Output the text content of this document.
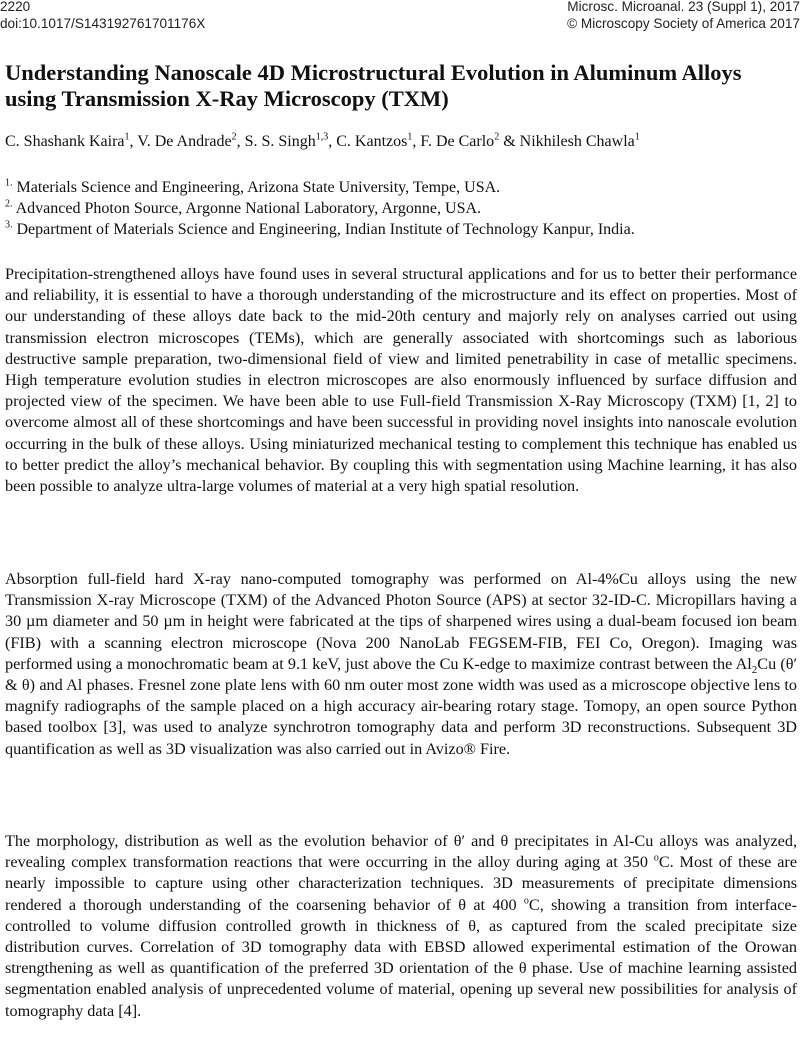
2220
doi:10.1017/S143192761701176X
Microsc. Microanal. 23 (Suppl 1), 2017
© Microscopy Society of America 2017
Understanding Nanoscale 4D Microstructural Evolution in Aluminum Alloys using Transmission X-Ray Microscopy (TXM)
C. Shashank Kaira$^1$, V. De Andrade$^2$, S. S. Singh$^{1,3}$, C. Kantzos$^1$, F. De Carlo$^2$ & Nikhilesh Chawla$^1$
$^{1.}$ Materials Science and Engineering, Arizona State University, Tempe, USA.
$^{2.}$ Advanced Photon Source, Argonne National Laboratory, Argonne, USA.
$^{3.}$ Department of Materials Science and Engineering, Indian Institute of Technology Kanpur, India.

Precipitation-strengthened alloys have found uses in several structural applications and for us to better their performance and reliability, it is essential to have a thorough understanding of the microstructure and its effect on properties. Most of our understanding of these alloys date back to the mid-20th century and majorly rely on analyses carried out using transmission electron microscopes (TEMs), which are generally associated with shortcomings such as laborious destructive sample preparation, two-dimensional field of view and limited penetrability in case of metallic specimens. High temperature evolution studies in electron microscopes are also enormously influenced by surface diffusion and projected view of the specimen. We have been able to use Full-field Transmission X-Ray Microscopy (TXM) [1, 2] to overcome almost all of these shortcomings and have been successful in providing novel insights into nanoscale evolution occurring in the bulk of these alloys. Using miniaturized mechanical testing to complement this technique has enabled us to better predict the alloy’s mechanical behavior. By coupling this with segmentation using Machine learning, it has also been possible to analyze ultra-large volumes of material at a very high spatial resolution.

Absorption full-field hard X-ray nano-computed tomography was performed on Al-4%Cu alloys using the new Transmission X-ray Microscope (TXM) of the Advanced Photon Source (APS) at sector 32-ID-C. Micropillars having a 30 µm diameter and 50 µm in height were fabricated at the tips of sharpened wires using a dual-beam focused ion beam (FIB) with a scanning electron microscope (Nova 200 NanoLab FEGSEM-FIB, FEI Co, Oregon). Imaging was performed using a monochromatic beam at 9.1 keV, just above the Cu K-edge to maximize contrast between the $Al_2Cu$ (θ′ & θ) and Al phases. Fresnel zone plate lens with 60 nm outer most zone width was used as a microscope objective lens to magnify radiographs of the sample placed on a high accuracy air-bearing rotary stage. Tomopy, an open source Python based toolbox [3], was used to analyze synchrotron tomography data and perform 3D reconstructions. Subsequent 3D quantification as well as 3D visualization was also carried out in Avizo® Fire.

The morphology, distribution as well as the evolution behavior of θ′ and θ precipitates in Al-Cu alloys was analyzed, revealing complex transformation reactions that were occurring in the alloy during aging at 350 $^o$C. Most of these are nearly impossible to capture using other characterization techniques. 3D measurements of precipitate dimensions rendered a thorough understanding of the coarsening behavior of θ at 400 $^o$C, showing a transition from interface-controlled to volume diffusion controlled growth in thickness of θ, as captured from the scaled precipitate size distribution curves. Correlation of 3D tomography data with EBSD allowed experimental estimation of the Orowan strengthening as well as quantification of the preferred 3D orientation of the θ phase. Use of machine learning assisted segmentation enabled analysis of unprecedented volume of material, opening up several new possibilities for analysis of tomography data [4].
